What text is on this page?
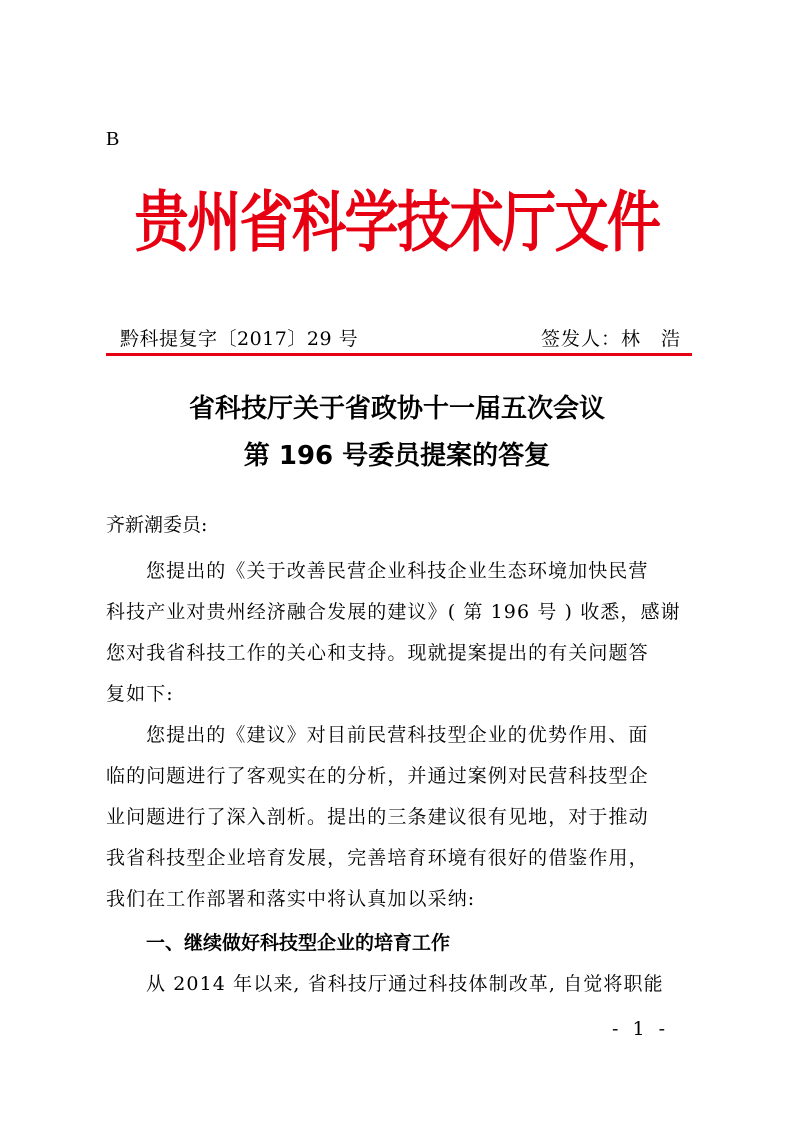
B
贵州省科学技术厅文件
黔科提复字〔2017〕29 号	签发人：林　浩
省科技厅关于省政协十一届五次会议
第 196 号委员提案的答复
齐新潮委员:
您提出的《关于改善民营企业科技企业生态环境加快民营
科技产业对贵州经济融合发展的建议》( 第 196 号 ) 收悉，感谢
您对我省科技工作的关心和支持。现就提案提出的有关问题答
复如下:
您提出的《建议》对目前民营科技型企业的优势作用、面
临的问题进行了客观实在的分析，并通过案例对民营科技型企
业问题进行了深入剖析。提出的三条建议很有见地，对于推动
我省科技型企业培育发展，完善培育环境有很好的借鉴作用，
我们在工作部署和落实中将认真加以采纳:
一、继续做好科技型企业的培育工作
从 2014 年以来, 省科技厅通过科技体制改革, 自觉将职能
- 1 -
